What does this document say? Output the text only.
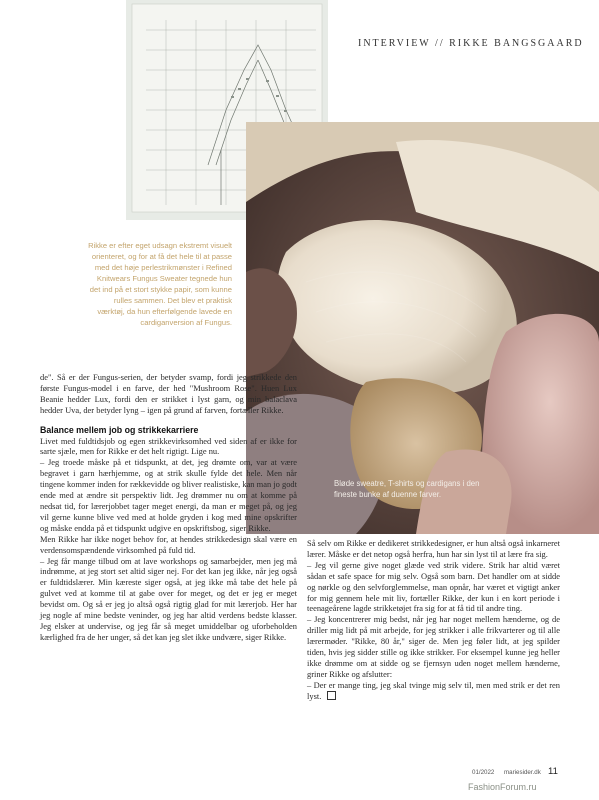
INTERVIEW // RIKKE BANGSGAARD
Rikke er efter eget udsagn ekstremt visuelt orienteret, og for at få det hele til at passe med det høje perlestrikmønster i Refined Knitwears Fungus Sweater tegnede hun det ind på et stort stykke papir, som kunne rulles sammen. Det blev et praktisk værktøj, da hun efterfølgende lavede en cardiganversion af Fungus.
Bløde sweatre, T-shirts og cardigans i den fineste bunke af duenne farver.

de". Så er der Fungus-serien, der betyder svamp, fordi jeg strikkede den første Fungus-model i en farve, der hed "Mushroom Rose". Huen Lux Beanie hedder Lux, fordi den er strikket i lyst garn, og min balaclava hedder Uva, der betyder lyng – igen på grund af farven, fortæller Rikke.

Balance mellem job og strikkekarriere

Livet med fuldtidsjob og egen strikkevirksomhed ved siden af er ikke for sarte sjæle, men for Rikke er det helt rigtigt. Lige nu.

– Jeg troede måske på et tidspunkt, at det, jeg drømte om, var at være begravet i garn hærhjemme, og at strik skulle fylde det hele. Men når tingene kommer inden for rækkevidde og bliver realistiske, kan man jo godt ende med at ændre sit perspektiv lidt. Jeg drømmer nu om at komme på nedsat tid, for lærerjobbet tager meget energi, da man er meget på, og jeg vil gerne kunne blive ved med at holde gryden i kog med mine opskrifter og måske endda på et tidspunkt udgive en opskriftsbog, siger Rikke.

Men Rikke har ikke noget behov for, at hendes strikkedesign skal være en verdensomspændende virksomhed på fuld tid.

– Jeg får mange tilbud om at lave workshops og samarbejder, men jeg må indrømme, at jeg stort set altid siger nej. For det kan jeg ikke, når jeg også er fuldtidslærer. Min kæreste siger også, at jeg ikke må tabe det hele på gulvet ved at komme til at gabe over for meget, og det er jeg er meget bevidst om. Og så er jeg jo altså også rigtig glad for mit lærerjob. Her har jeg nogle af mine bedste veninder, og jeg har altid verdens bedste klasser. Jeg elsker at undervise, og jeg får så meget umiddelbar og uforbeholden kærlighed fra de her unger, så det kan jeg slet ikke undvære, siger Rikke.

Så selv om Rikke er dedikeret strikkedesigner, er hun altså også inkarneret lærer. Måske er det netop også herfra, hun har sin lyst til at lære fra sig.

– Jeg vil gerne give noget glæde ved strik videre. Strik har altid været sådan et safe space for mig selv. Også som barn. Det handler om at sidde og nørkle og den selvforglemmelse, man opnår, har været et vigtigt anker for mig gennem hele mit liv, fortæller Rikke, der kun i en kort periode i teenageårene lagde strikketøjet fra sig for at få tid til andre ting.

– Jeg koncentrerer mig bedst, når jeg har noget mellem hænderne, og de driller mig lidt på mit arbejde, for jeg strikker i alle frikvarterer og til alle lærermøder. "Rikke, 80 år," siger de. Men jeg føler lidt, at jeg spilder tiden, hvis jeg sidder stille og ikke strikker. For eksempel kunne jeg heller ikke drømme om at sidde og se fjernsyn uden noget mellem hænderne, griner Rikke og afslutter:

– Der er mange ting, jeg skal tvinge mig selv til, men med strik er det ren lyst.

01/2022 mariesider.dk 11
FashionForum.ru
